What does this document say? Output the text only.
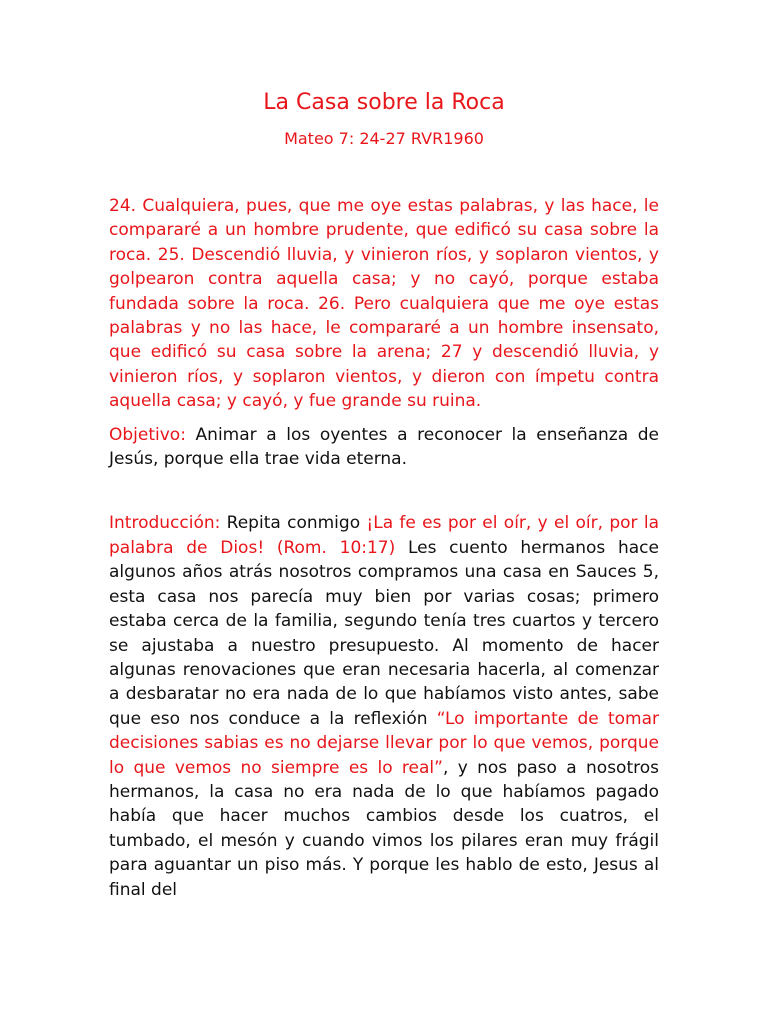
La Casa sobre la Roca

Mateo 7: 24-27 RVR1960

24. Cualquiera, pues, que me oye estas palabras, y las hace, le compararé a un hombre prudente, que edificó su casa sobre la roca. 25. Descendió lluvia, y vinieron ríos, y soplaron vientos, y golpearon contra aquella casa; y no cayó, porque estaba fundada sobre la roca. 26. Pero cualquiera que me oye estas palabras y no las hace, le compararé a un hombre insensato, que edificó su casa sobre la arena; 27 y descendió lluvia, y vinieron ríos, y soplaron vientos, y dieron con ímpetu contra aquella casa; y cayó, y fue grande su ruina.

Objetivo: Animar a los oyentes a reconocer la enseñanza de Jesús, porque ella trae vida eterna.

Introducción: Repita conmigo ¡La fe es por el oír, y el oír, por la palabra de Dios! (Rom. 10:17) Les cuento hermanos hace algunos años atrás nosotros compramos una casa en Sauces 5, esta casa nos parecía muy bien por varias cosas; primero estaba cerca de la familia, segundo tenía tres cuartos y tercero se ajustaba a nuestro presupuesto. Al momento de hacer algunas renovaciones que eran necesaria hacerla, al comenzar a desbaratar no era nada de lo que habíamos visto antes, sabe que eso nos conduce a la reflexión “Lo importante de tomar decisiones sabias es no dejarse llevar por lo que vemos, porque lo que vemos no siempre es lo real”, y nos paso a nosotros hermanos, la casa no era nada de lo que habíamos pagado había que hacer muchos cambios desde los cuatros, el tumbado, el mesón y cuando vimos los pilares eran muy frágil para aguantar un piso más. Y porque les hablo de esto, Jesus al final del
